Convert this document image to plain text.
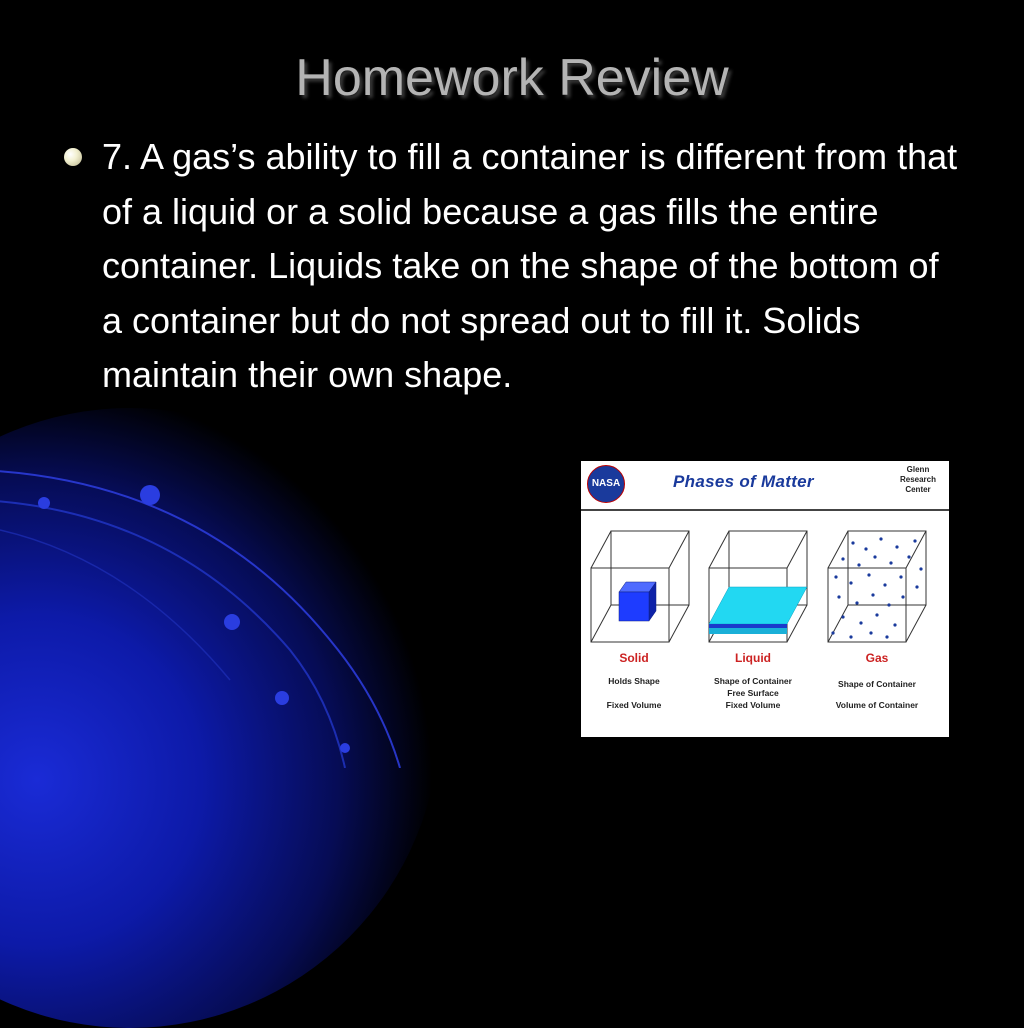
Homework Review
7. A gas’s ability to fill a container is different from that of a liquid or a solid because a gas fills the entire container. Liquids take on the shape of the bottom of a container but do not spread out to fill it. Solids maintain their own shape.
NASA	Phases of Matter
Glenn
Research
Center
Solid
Holds Shape
Fixed Volume
Liquid
Shape of Container
Free Surface
Fixed Volume
Gas
Shape of Container
Volume of Container
